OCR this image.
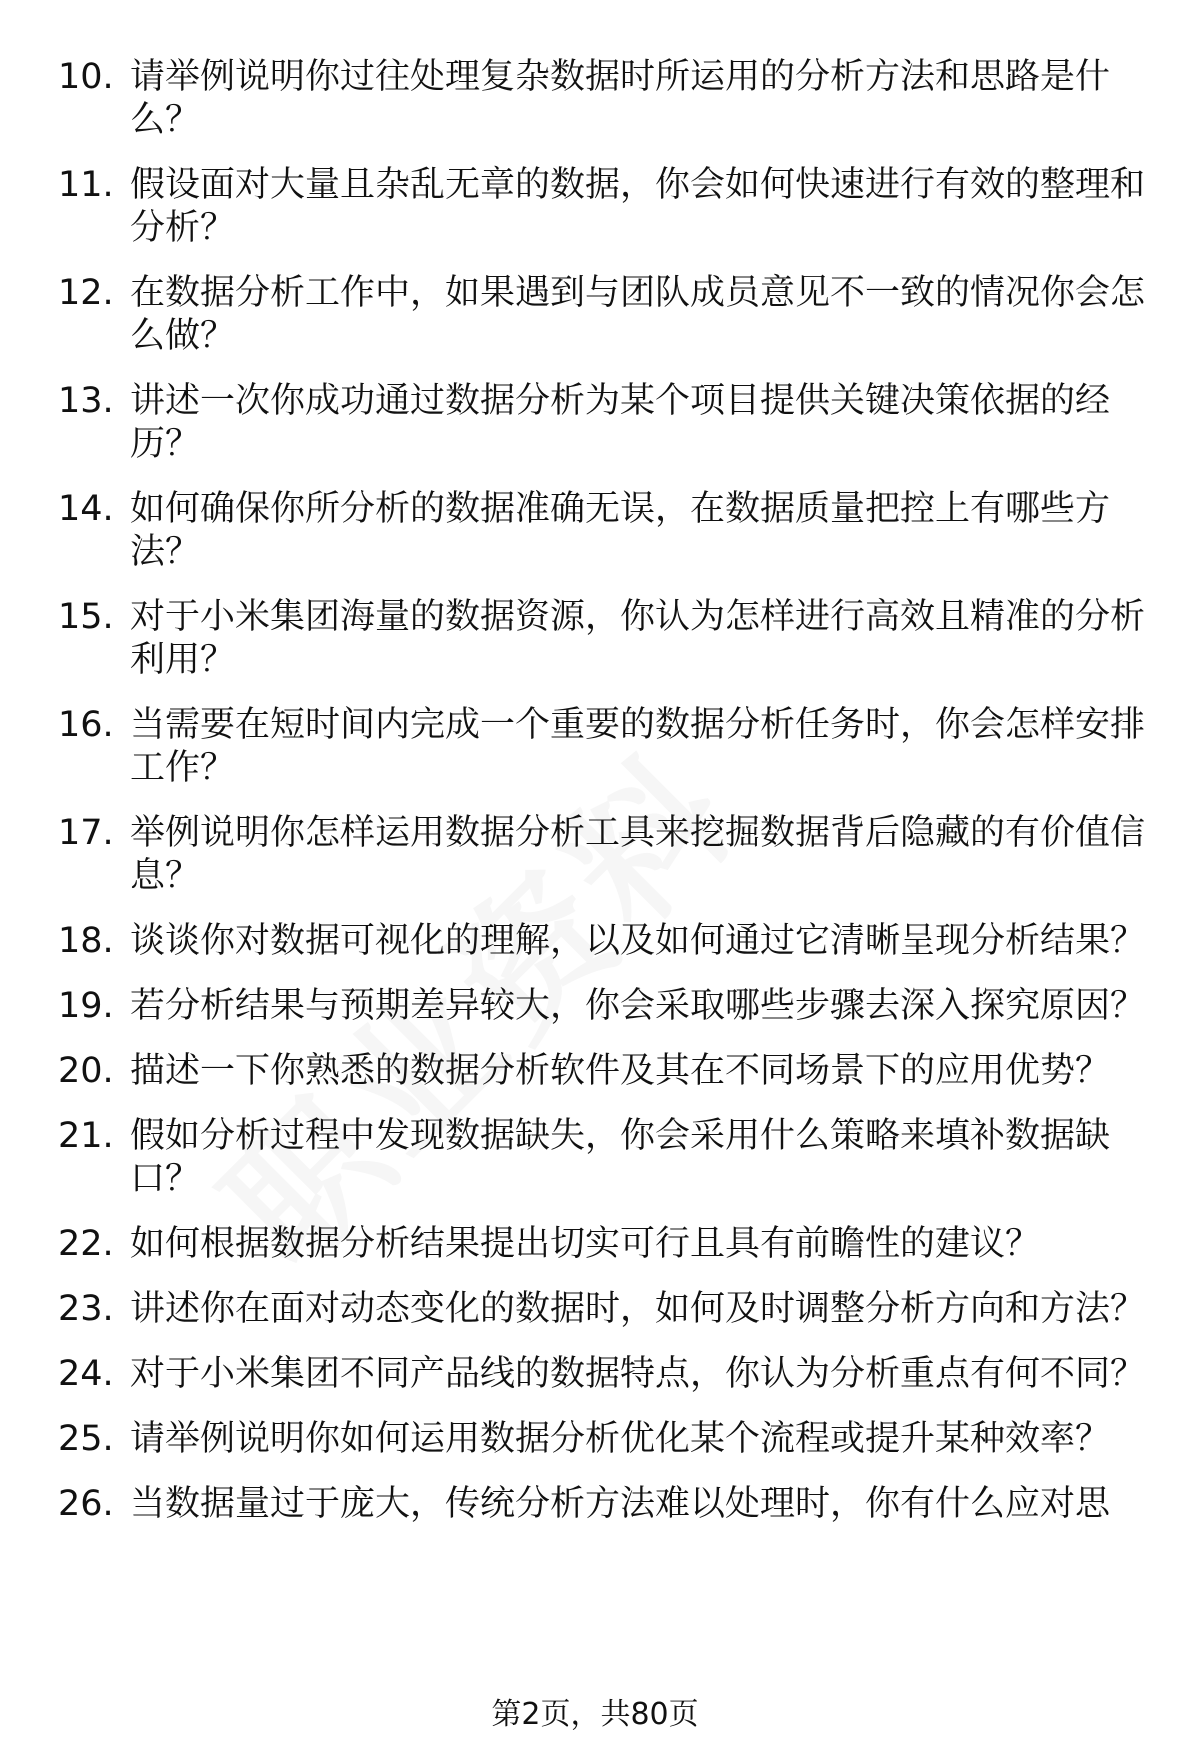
10. 请举例说明你过往处理复杂数据时所运用的分析方法和思路是什么？
11. 假设面对大量且杂乱无章的数据，你会如何快速进行有效的整理和分析？
12. 在数据分析工作中，如果遇到与团队成员意见不一致的情况你会怎么做？
13. 讲述一次你成功通过数据分析为某个项目提供关键决策依据的经历？
14. 如何确保你所分析的数据准确无误，在数据质量把控上有哪些方法？
15. 对于小米集团海量的数据资源，你认为怎样进行高效且精准的分析利用？
16. 当需要在短时间内完成一个重要的数据分析任务时，你会怎样安排工作？
17. 举例说明你怎样运用数据分析工具来挖掘数据背后隐藏的有价值信息？
18. 谈谈你对数据可视化的理解，以及如何通过它清晰呈现分析结果？
19. 若分析结果与预期差异较大，你会采取哪些步骤去深入探究原因？
20. 描述一下你熟悉的数据分析软件及其在不同场景下的应用优势？
21. 假如分析过程中发现数据缺失，你会采用什么策略来填补数据缺口？
22. 如何根据数据分析结果提出切实可行且具有前瞻性的建议？
23. 讲述你在面对动态变化的数据时，如何及时调整分析方向和方法？
24. 对于小米集团不同产品线的数据特点，你认为分析重点有何不同？
25. 请举例说明你如何运用数据分析优化某个流程或提升某种效率？
26. 当数据量过于庞大，传统分析方法难以处理时，你有什么应对思
第2页，共80页
